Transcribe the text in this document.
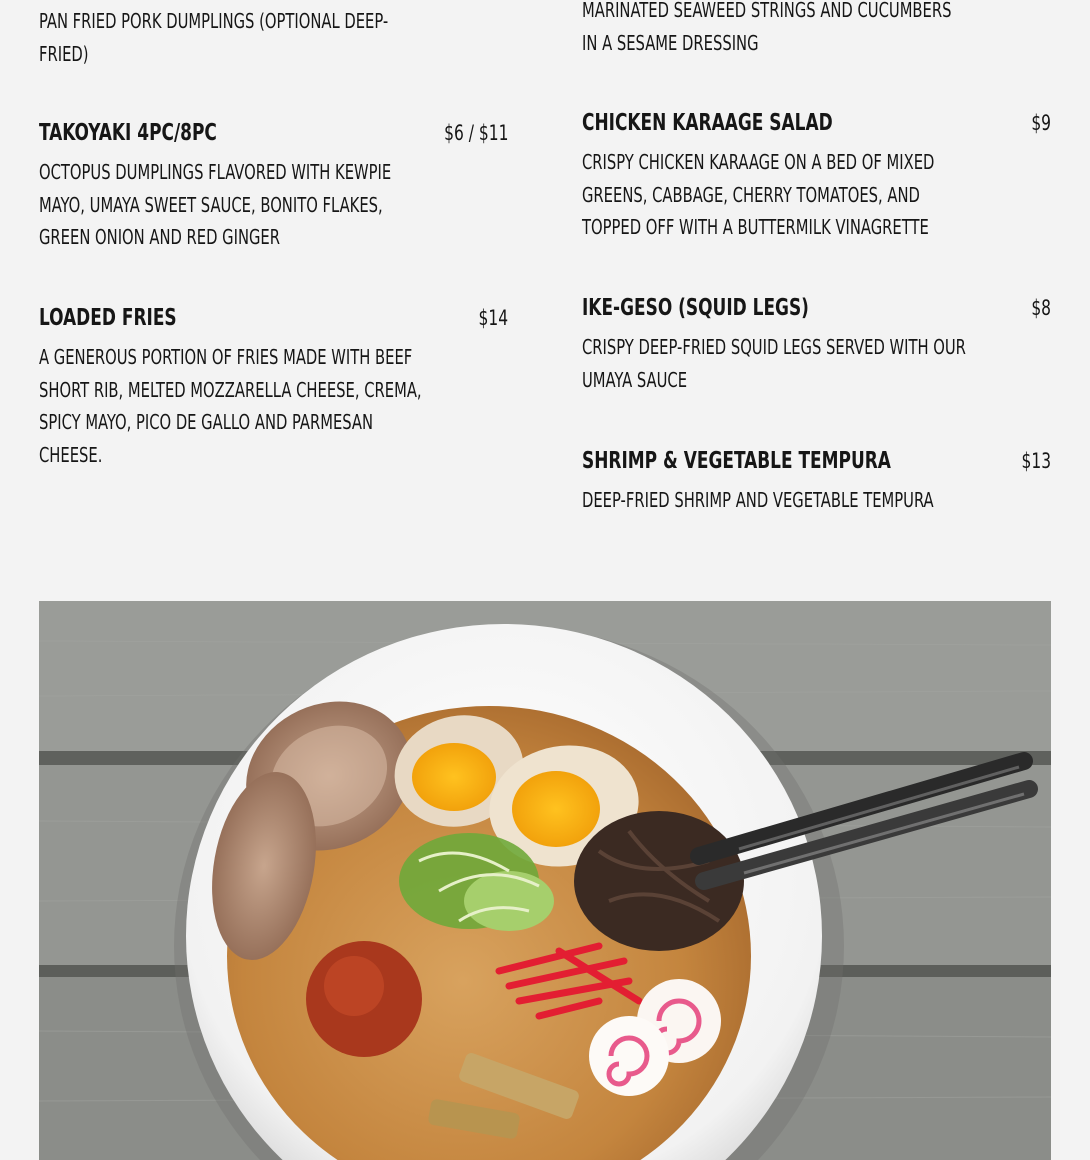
PAN FRIED PORK DUMPLINGS (OPTIONAL DEEP-FRIED)
TAKOYAKI 4PC/8PC	$6 / $11
OCTOPUS DUMPLINGS FLAVORED WITH KEWPIE MAYO, UMAYA SWEET SAUCE, BONITO FLAKES, GREEN ONION AND RED GINGER
LOADED FRIES	$14
A GENEROUS PORTION OF FRIES MADE WITH BEEF SHORT RIB, MELTED MOZZARELLA CHEESE, CREMA, SPICY MAYO, PICO DE GALLO AND PARMESAN CHEESE.
MARINATED SEAWEED STRINGS AND CUCUMBERS IN A SESAME DRESSING
CHICKEN KARAAGE SALAD	$9
CRISPY CHICKEN KARAAGE ON A BED OF MIXED GREENS, CABBAGE, CHERRY TOMATOES, AND TOPPED OFF WITH A BUTTERMILK VINAGRETTE
IKE-GESO (SQUID LEGS)	$8
CRISPY DEEP-FRIED SQUID LEGS SERVED WITH OUR UMAYA SAUCE
SHRIMP & VEGETABLE TEMPURA	$13
DEEP-FRIED SHRIMP AND VEGETABLE TEMPURA
